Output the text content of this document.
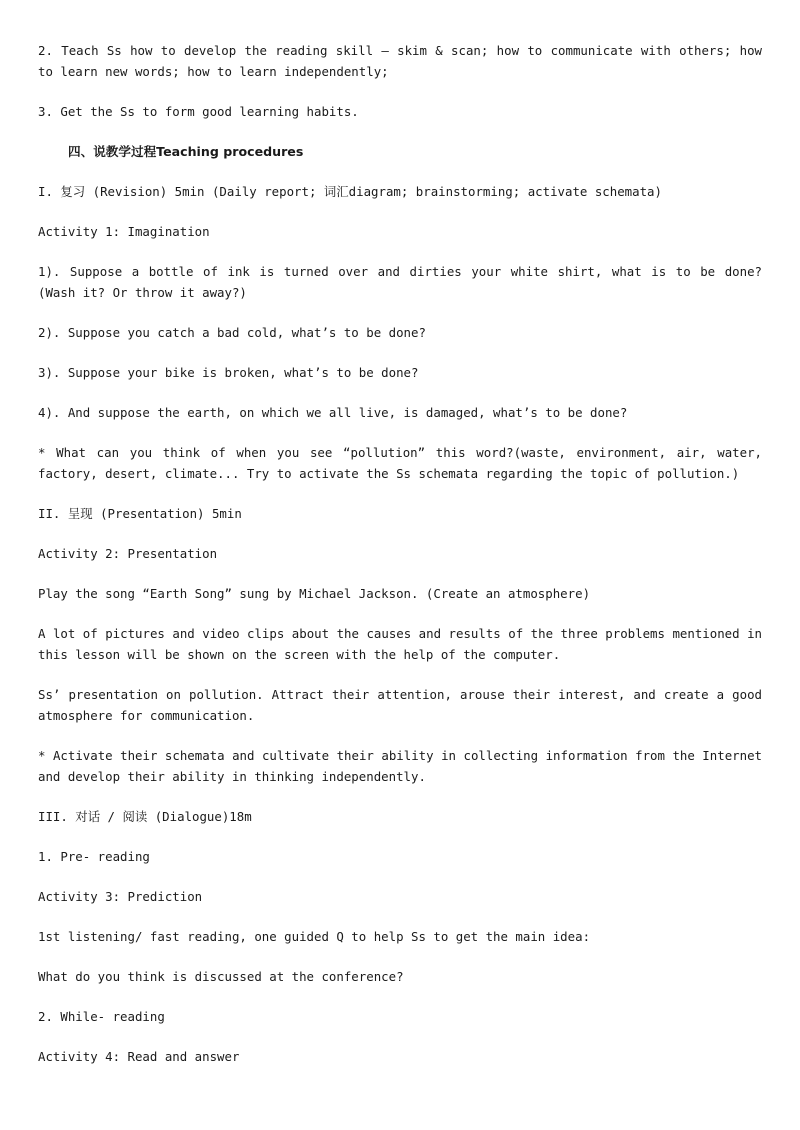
2. Teach Ss how to develop the reading skill — skim & scan; how to communicate with others; how to learn new words; how to learn independently;

3. Get the Ss to form good learning habits.

四、说教学过程Teaching procedures

I. 复习 (Revision) 5min (Daily report; 词汇diagram; brainstorming; activate schemata)

Activity 1: Imagination

1). Suppose a bottle of ink is turned over and dirties your white shirt, what is to be done? (Wash it? Or throw it away?)

2). Suppose you catch a bad cold, what’s to be done?

3). Suppose your bike is broken, what’s to be done?

4). And suppose the earth, on which we all live, is damaged, what’s to be done?

* What can you think of when you see “pollution” this word?(waste, environment, air, water, factory, desert, climate... Try to activate the Ss schemata regarding the topic of pollution.)

II. 呈现 (Presentation) 5min

Activity 2: Presentation

Play the song “Earth Song” sung by Michael Jackson. (Create an atmosphere)

A lot of pictures and video clips about the causes and results of the three problems mentioned in this lesson will be shown on the screen with the help of the computer.

Ss’ presentation on pollution. Attract their attention, arouse their interest, and create a good atmosphere for communication.

* Activate their schemata and cultivate their ability in collecting information from the Internet and develop their ability in thinking independently.

III. 对话 / 阅读 (Dialogue)18m

1. Pre- reading

Activity 3: Prediction

1st listening/ fast reading, one guided Q to help Ss to get the main idea:

What do you think is discussed at the conference?

2. While- reading

Activity 4: Read and answer
